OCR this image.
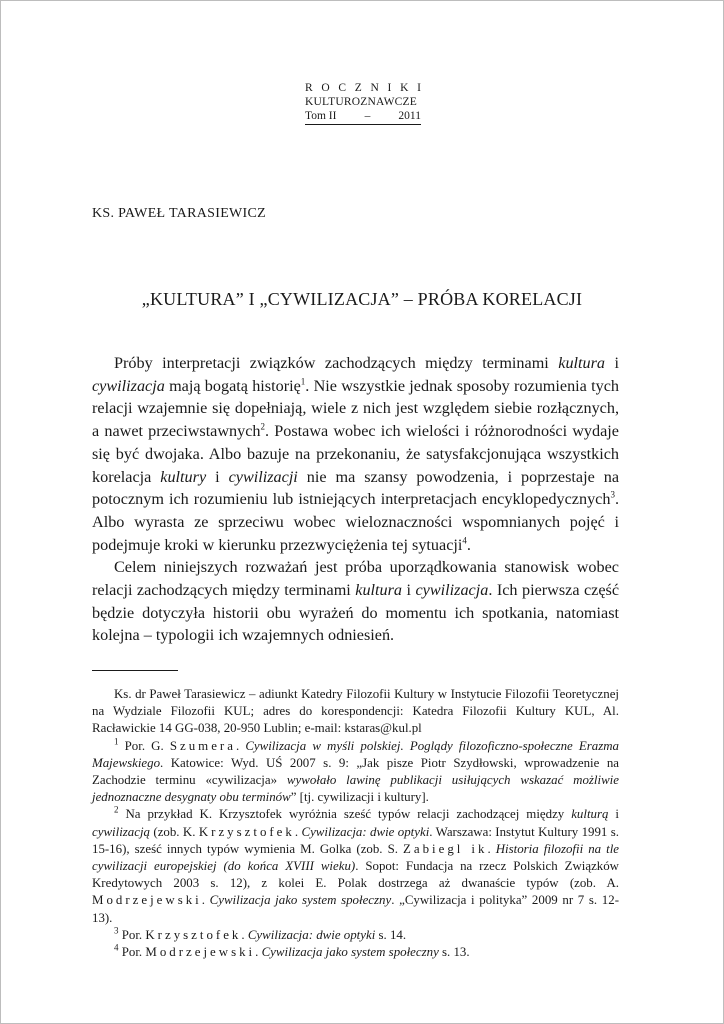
R O C Z N I K I
KULTUROZNAWCZE
Tom II – 2011
KS. PAWEŁ TARASIEWICZ
„KULTURA” I „CYWILIZACJA” – PRÓBA KORELACJI

Próby interpretacji związków zachodzących między terminami kultura i cywilizacja mają bogatą historię$^1$. Nie wszystkie jednak sposoby rozumienia tych relacji wzajemnie się dopełniają, wiele z nich jest względem siebie rozłącznych, a nawet przeciwstawnych$^2$. Postawa wobec ich wielości i różnorodności wydaje się być dwojaka. Albo bazuje na przekonaniu, że satysfakcjonująca wszystkich korelacja kultury i cywilizacji nie ma szansy powodzenia, i poprzestaje na potocznym ich rozumieniu lub istniejących interpretacjach encyklopedycznych$^3$. Albo wyrasta ze sprzeciwu wobec wieloznaczności wspomnianych pojęć i podejmuje kroki w kierunku przezwyciężenia tej sytuacji$^4$.

Celem niniejszych rozważań jest próba uporządkowania stanowisk wobec relacji zachodzących między terminami kultura i cywilizacja. Ich pierwsza część będzie dotyczyła historii obu wyrażeń do momentu ich spotkania, natomiast kolejna – typologii ich wzajemnych odniesień.

Ks. dr Paweł Tarasiewicz – adiunkt Katedry Filozofii Kultury w Instytucie Filozofii Teoretycznej na Wydziale Filozofii KUL; adres do korespondencji: Katedra Filozofii Kultury KUL, Al. Racławickie 14 GG-038, 20-950 Lublin; e-mail: kstaras@kul.pl

$^1$ Por. G. Szumera. Cywilizacja w myśli polskiej. Poglądy filozoficzno-społeczne Erazma Majewskiego. Katowice: Wyd. UŚ 2007 s. 9: „Jak pisze Piotr Szydłowski, wprowadzenie na Zachodzie terminu «cywilizacja» wywołało lawinę publikacji usiłujących wskazać możliwie jednoznaczne desygnaty obu terminów” [tj. cywilizacji i kultury].

$^2$ Na przykład K. Krzysztofek wyróżnia sześć typów relacji zachodzącej między kulturą i cywilizacją (zob. K. Krzysztofek. Cywilizacja: dwie optyki. Warszawa: Instytut Kultury 1991 s. 15-16), sześć innych typów wymienia M. Golka (zob. S. Zabiegl ik. Historia filozofii na tle cywilizacji europejskiej (do końca XVIII wieku). Sopot: Fundacja na rzecz Polskich Związków Kredytowych 2003 s. 12), z kolei E. Polak dostrzega aż dwanaście typów (zob. A. Modrzejewski. Cywilizacja jako system społeczny. „Cywilizacja i polityka” 2009 nr 7 s. 12-13).

$^3$ Por. Krzysztofek. Cywilizacja: dwie optyki s. 14.

$^4$ Por. Modrzejewski. Cywilizacja jako system społeczny s. 13.
